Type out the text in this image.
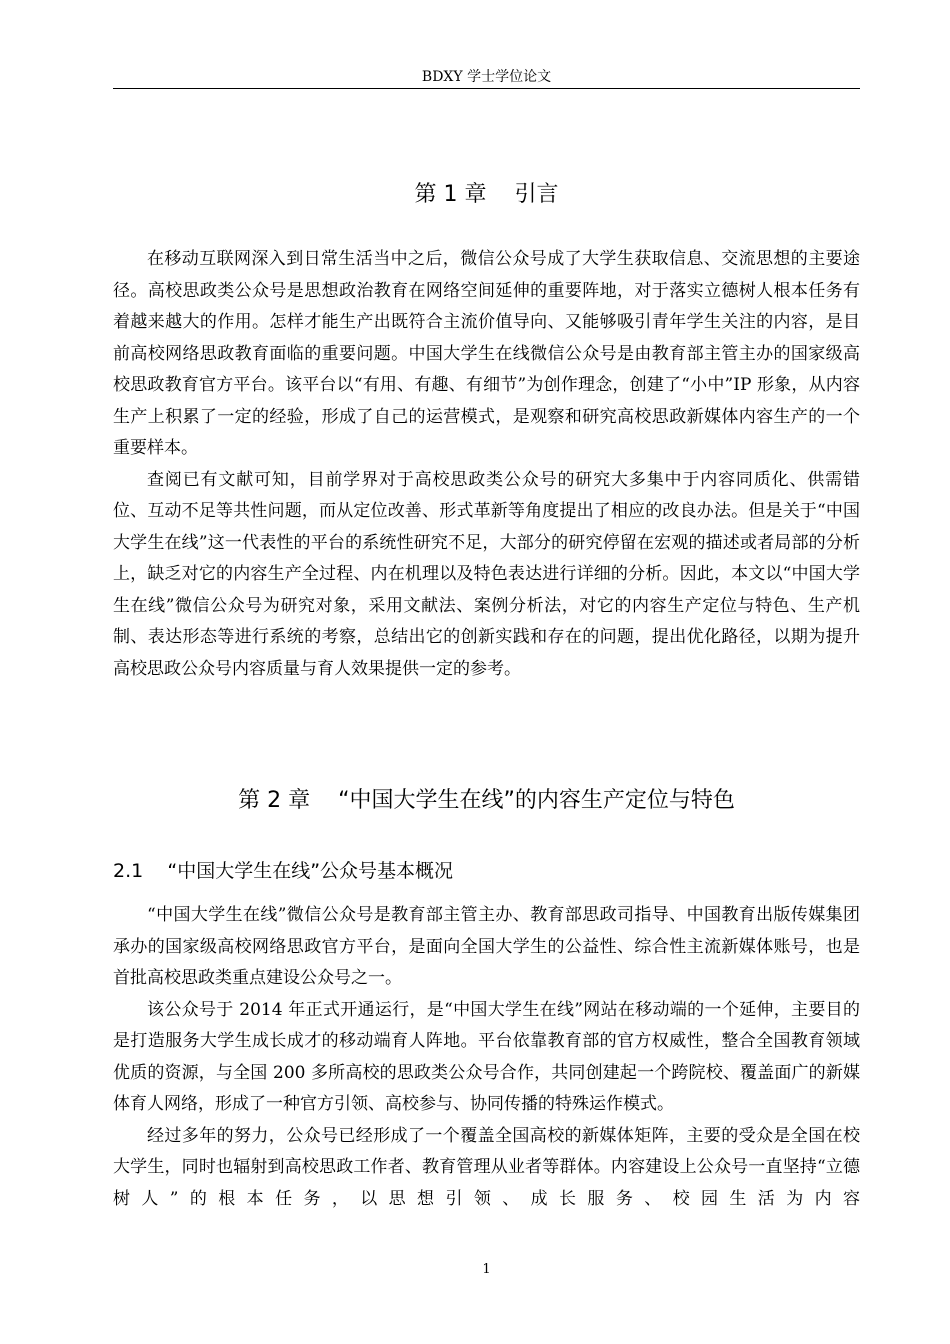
BDXY 学士学位论文
第 1 章    引言

在移动互联网深入到日常生活当中之后，微信公众号成了大学生获取信息、交流思想的主要途径。高校思政类公众号是思想政治教育在网络空间延伸的重要阵地，对于落实立德树人根本任务有着越来越大的作用。怎样才能生产出既符合主流价值导向、又能够吸引青年学生关注的内容，是目前高校网络思政教育面临的重要问题。中国大学生在线微信公众号是由教育部主管主办的国家级高校思政教育官方平台。该平台以“有用、有趣、有细节”为创作理念，创建了“小中”IP 形象，从内容生产上积累了一定的经验，形成了自己的运营模式，是观察和研究高校思政新媒体内容生产的一个重要样本。

查阅已有文献可知，目前学界对于高校思政类公众号的研究大多集中于内容同质化、供需错位、互动不足等共性问题，而从定位改善、形式革新等角度提出了相应的改良办法。但是关于“中国大学生在线”这一代表性的平台的系统性研究不足，大部分的研究停留在宏观的描述或者局部的分析上，缺乏对它的内容生产全过程、内在机理以及特色表达进行详细的分析。因此，本文以“中国大学生在线”微信公众号为研究对象，采用文献法、案例分析法，对它的内容生产定位与特色、生产机制、表达形态等进行系统的考察，总结出它的创新实践和存在的问题，提出优化路径，以期为提升高校思政公众号内容质量与育人效果提供一定的参考。

第 2 章    “中国大学生在线”的内容生产定位与特色
2.1    “中国大学生在线”公众号基本概况

“中国大学生在线”微信公众号是教育部主管主办、教育部思政司指导、中国教育出版传媒集团承办的国家级高校网络思政官方平台，是面向全国大学生的公益性、综合性主流新媒体账号，也是首批高校思政类重点建设公众号之一。

该公众号于 2014 年正式开通运行，是“中国大学生在线”网站在移动端的一个延伸，主要目的是打造服务大学生成长成才的移动端育人阵地。平台依靠教育部的官方权威性，整合全国教育领域优质的资源，与全国 200 多所高校的思政类公众号合作，共同创建起一个跨院校、覆盖面广的新媒体育人网络，形成了一种官方引领、高校参与、协同传播的特殊运作模式。

经过多年的努力，公众号已经形成了一个覆盖全国高校的新媒体矩阵，主要的受众是全国在校大学生，同时也辐射到高校思政工作者、教育管理从业者等群体。内容建设上公众号一直坚持“立德树人”的根本任务，以思想引领、成长服务、校园生活为内容

1
